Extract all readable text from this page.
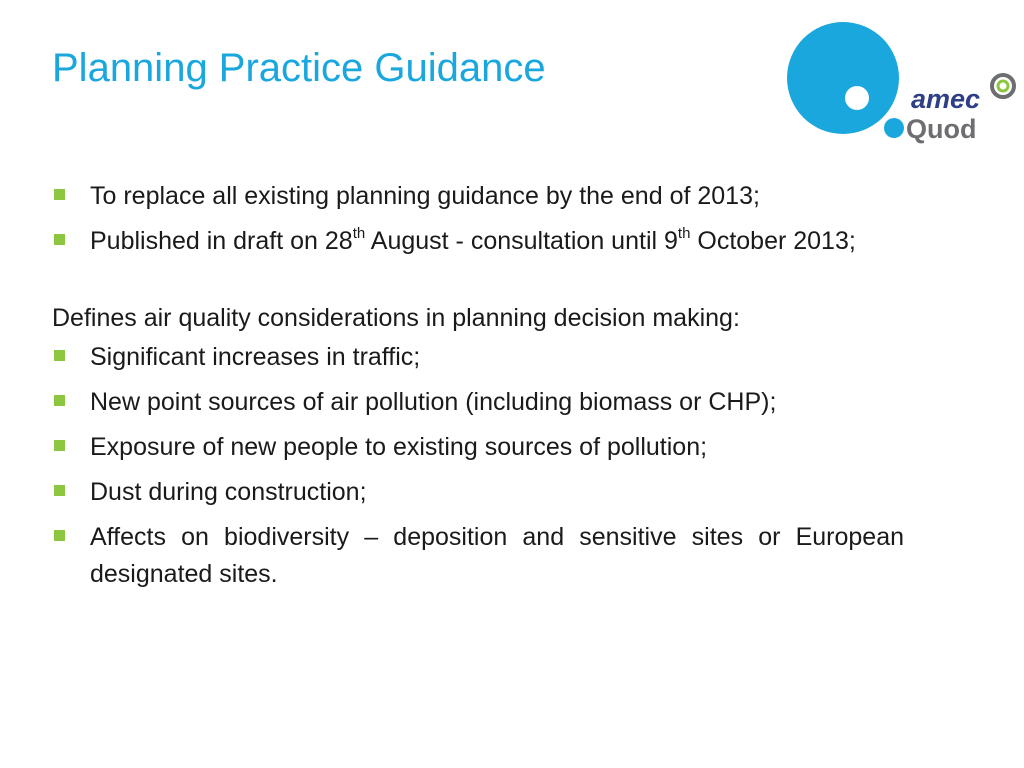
Planning Practice Guidance
amec
Quod
To replace all existing planning guidance by the end of 2013;
Published in draft on 28th August - consultation until 9th October 2013;

Defines air quality considerations in planning decision making:

Significant increases in traffic;
New point sources of air pollution (including biomass or CHP);
Exposure of new people to existing sources of pollution;
Dust during construction;
Affects on biodiversity – deposition and sensitive sites or European designated sites.
